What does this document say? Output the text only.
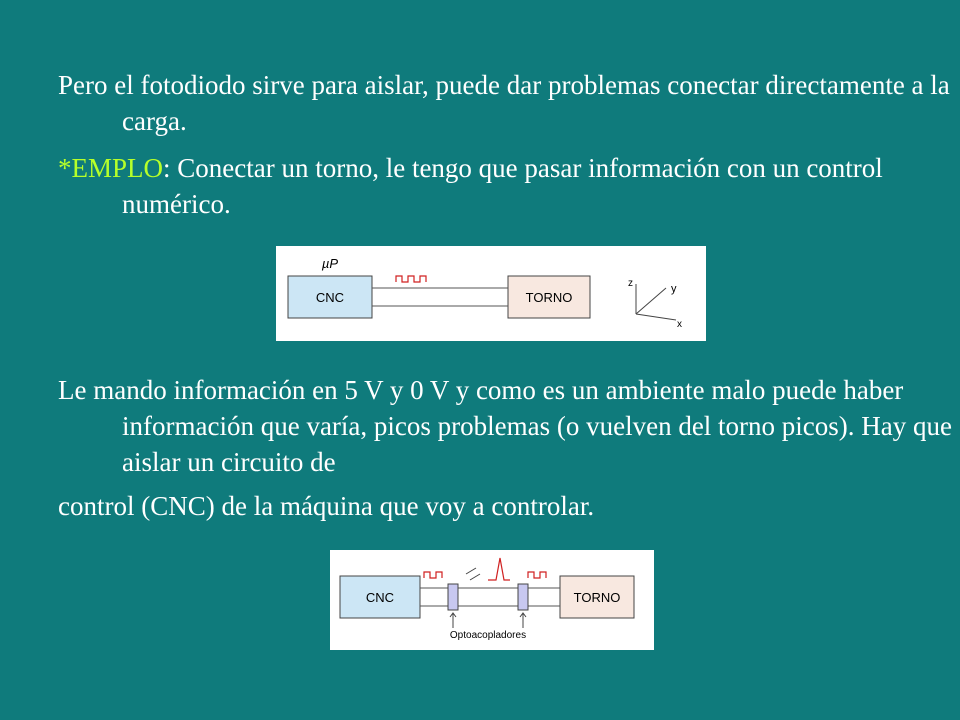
Pero el fotodiodo sirve para aislar, puede dar problemas conectar directamente a la carga.

*EMPLO: Conectar un torno, le tengo que pasar información con un control numérico.

CNC
µP
TORNO
z	y
x

Le mando información en 5 V y 0 V y como es un ambiente malo puede haber información que varía, picos problemas (o vuelven del torno picos). Hay que aislar un circuito de
control (CNC) de la máquina que voy a controlar.

CNC	TORNO
Optoacopladores
